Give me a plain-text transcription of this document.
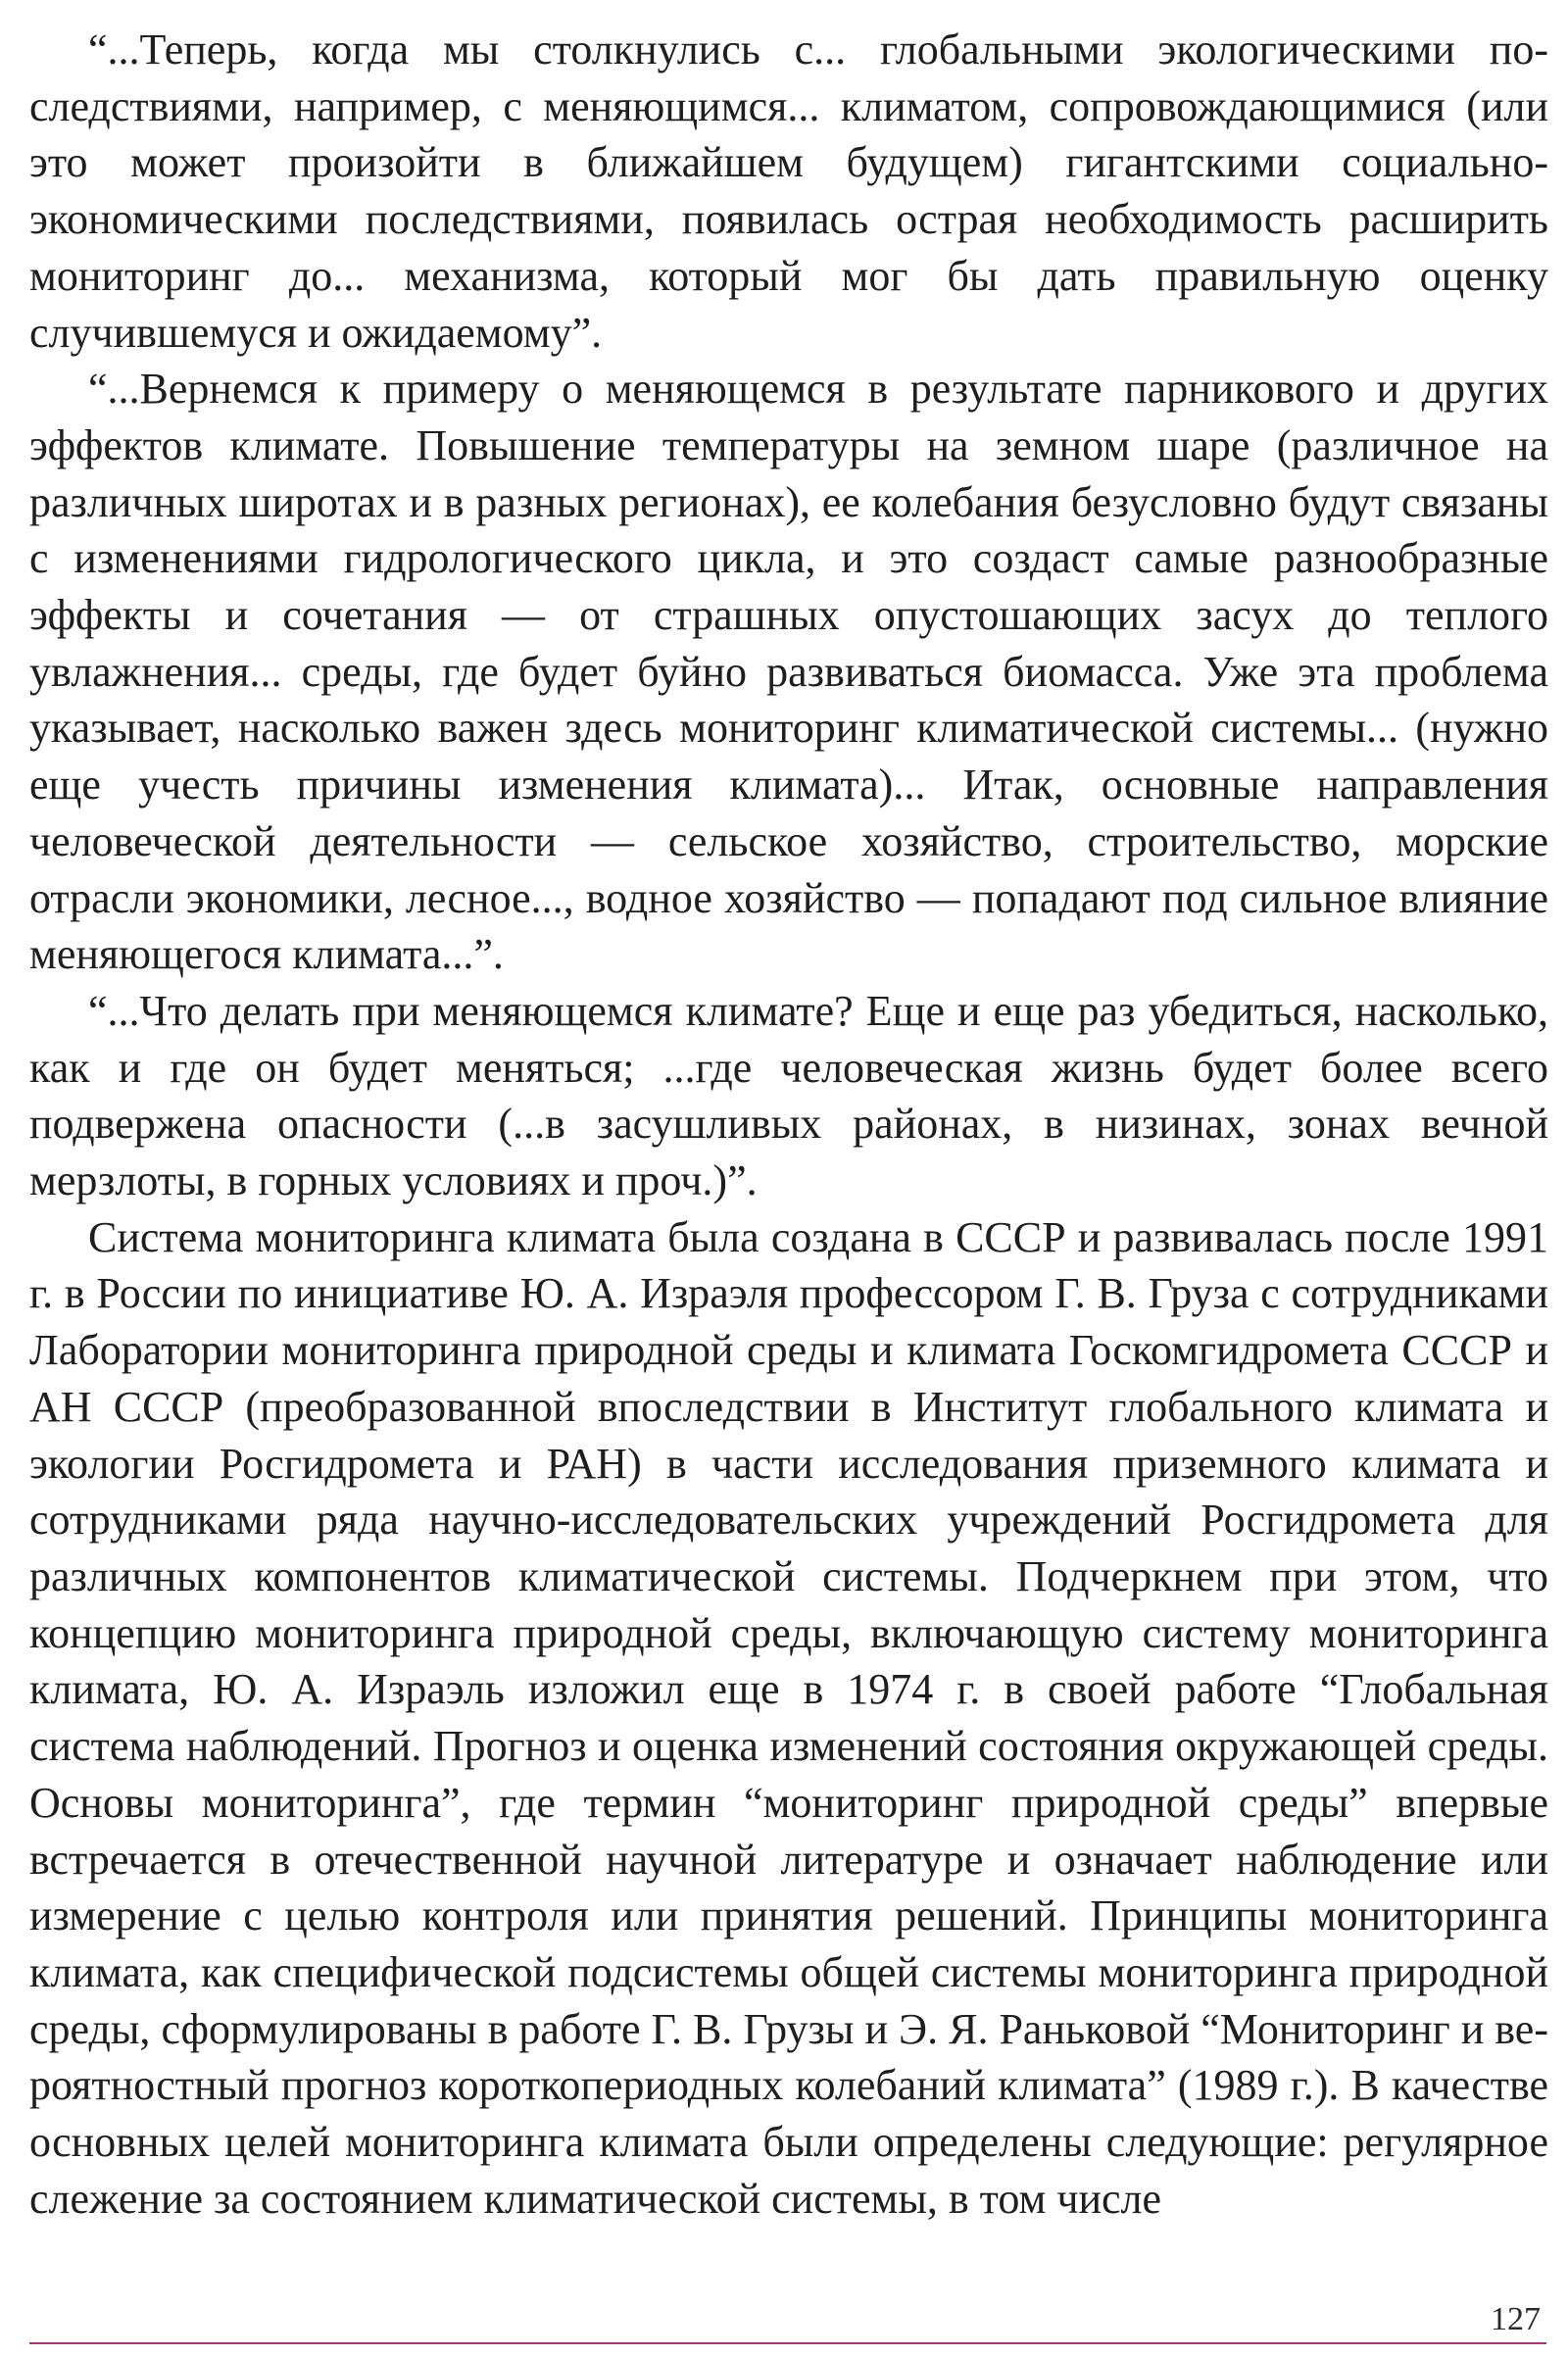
“...Теперь, когда мы столкнулись с... глобальными экологическими последствиями, например, с меняющимся... климатом, сопровождающимися (или это может произойти в ближайшем будущем) гигантскими социально-экономическими последствиями, появилась острая необходимость расширить мониторинг до... механизма, который мог бы дать правильную оценку случившемуся и ожидаемому”.

“...Вернемся к примеру о меняющемся в результате парникового и других эффектов климате. Повышение температуры на земном шаре (различное на различных широтах и в разных регионах), ее колебания безусловно будут связаны с изменениями гидрологического цикла, и это создаст самые разнообразные эффекты и сочетания — от страшных опустошающих засух до теплого увлажнения... среды, где будет буйно развиваться биомасса. Уже эта проблема указывает, насколько важен здесь мониторинг климатической системы... (нужно еще учесть причины изменения климата)... Итак, основные направления человеческой деятельности — сельское хозяйство, строительство, морские отрасли экономики, лесное..., водное хозяйство — попадают под сильное влияние меняющегося климата...”.

“...Что делать при меняющемся климате? Еще и еще раз убедиться, насколько, как и где он будет меняться; ...где человеческая жизнь будет более всего подвержена опасности (...в засушливых районах, в низинах, зонах вечной мерзлоты, в горных условиях и проч.)”.

Система мониторинга климата была создана в СССР и развивалась после 1991 г. в России по инициативе Ю. А. Израэля профессором Г. В. Груза с сотрудниками Лаборатории мониторинга природной среды и климата Госкомгидромета СССР и АН СССР (преобразованной впоследствии в Институт глобального климата и экологии Росгидромета и РАН) в части исследования приземного климата и сотрудниками ряда научно-исследовательских учреждений Росгидромета для различных компонентов климатической системы. Подчеркнем при этом, что концепцию мониторинга природной среды, включающую систему мониторинга климата, Ю. А. Израэль изложил еще в 1974 г. в своей работе “Глобальная система наблюдений. Прогноз и оценка изменений состояния окружающей среды. Основы мониторинга”, где термин “мониторинг природной среды” впервые встречается в отечественной научной литературе и означает наблюдение или измерение с целью контроля или принятия решений. Принципы мониторинга климата, как специфической подсистемы общей системы мониторинга природной среды, сформулированы в работе Г. В. Грузы и Э. Я. Раньковой “Мониторинг и вероятностный прогноз короткопериодных колебаний климата” (1989 г.). В качестве основных целей мониторинга климата были определены следующие: регулярное слежение за состоянием климатической системы, в том числе

127
